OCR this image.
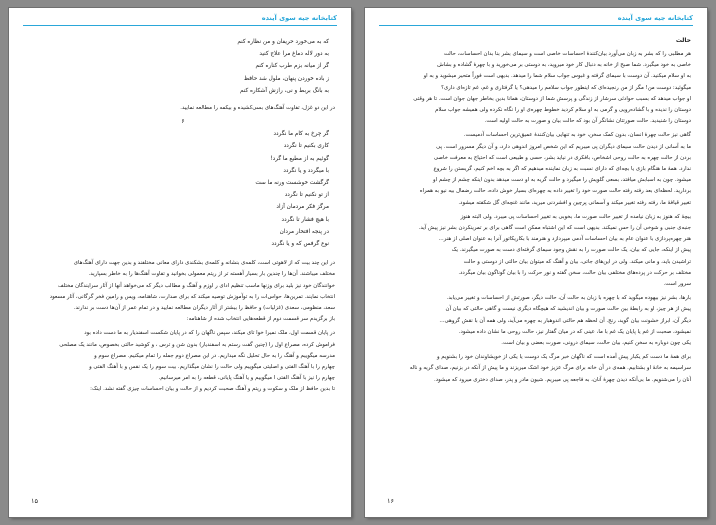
کتابخانه جیه سوی آینده
که به‌ می‌خورد حریفان و من نظاره کنم
به دور لاله دماغ مرا علاج کنید
گر از میانه بزم طرب کناره کنم
ز باده خوردن پنهان، ملول شد حافظ
به بانگ بربط و نی، رازش آشکاره کنم
در این دو غزل، تفاوت آهنگ‌های بسی‌کشیده و بیکمه را مطالعه نمایید.
۶
گر چرخ به کام ما نگردد
کاری بکنیم تا نگردد
گوئیم به از مطیع ما گرد!
با میگردد و یا نگردد
گرگشت خوشست ورنه ما ست
از تو نکنیم تا نگردد
مرگز فکر مردمان آزاد
با هیچ فشار تا نگردد
در پنجه افتخار مردان
نوع گرفس که و یا نگردد
در این چند بیت که از لاهوتی است، کلمه‌ی بنشانه و کلمه‌ی بشکندی دارای معانی مختلفند و بدین جهت دارای آهنگ‌های
مختلف میباشند. آن‌ها را چندین بار بسیار آهسته تر از ریتم معمولی بخوانید و تفاوت آهنگ‌ها را به خاطر بسپارید.
خوانندگان خود نیز بلید برای وزنها ماسب تنظیم ادای ر اوزم و آهنگ و مطالب دیگر که می‌خواهد آنها از آثار سرایندگان مختلف
انتخاب نمایند. تمرین‌ها، حواس‌ات را به ‌توآموزش توصیه میکند که برای صدارت، شاهنامه، ویس و رامین فخر گرگانی، آثار مسعود
سعد، منظومی، سعدی (غزلیات) و حافظ را بیشتر از آثار دیگران مطالعه نمایید و در تمام عمر از آن‌ها دست بر ندارند.
باز برگزیدم سر قسمت دوم از قطعه‌هایی انتخاب شده از شاهنامه:
در پایان قسمت اول، ملک نمیرا خوا تای میکند، سپس ناگهان را که در پایان شکست اسفندیار به ما دست داده بود
فراموش کرده، مصراع اول را (چنین گفت رستم به اسفندیار) بدون شن و ترس ، و کوشید حالتی بخصوص، مانند یک مصلحی
مدرسه میگوییم و آهنگ را به حال تحلیل نگه میداریم. در این مصراع دوم جمله را تمام میکنیم. مصراع سوم و
چهارم را با آهنگ الفتی و اصلیتی میگوییم ولی حالت را نشان میگذاریم. بیت سوم را یک نفس و با آهنگ الفتی و
چهارم را نیز با آهنگ الفتی ا میگوییم و یا آهنگ پایانی، قطعه را به امر میرسانیم.
تا بدین حافظ از ملک و سکوت و ریتم و آهنگ صحبت کردیم و از حالت و بیان احساسات چیزی گفته نشد. اینک:
۱۵
کتابخانه جیه سوی آینده
حالت
هر مطلبی را که بشر به زبان می‌آورد بیان‌کنندهٔ احساسات خاصی است و سیمای بشر بنا بدان احساسات، حالت
خاصی به خود میگیرد. شما صبح از خانه به دنبال کار خود میروید، به دوستی بر می‌خورید و با چهرهٔ گشاده و بشاش
به او سلام میکنید. آن دوست با سیمای گرفته و غبوس جواب سلام شما را میدهد. بدیهی است فوراً متحیر میشوید و به او
میگوئید: دوست من! مگر از من رنجیده‌ای که اینطور جواب سلامم را میدهی؟ یا گرفتاری و غم، غم تازه‌ای داری؟
او جواب میدهد که بسبب حوادثی سرشار از زندگی و پرسش شما از دوستان، همانا بدین بخاطر جهان جوان است. تا هر وقتی
دوستان را ندیده و با گشاده‌رویی و گرمی به او سلام کردید خطوط چهره‌ی او را نگاه نکرده ولی همیشه جواب سلام
دوستان را شنیدید. حالت صورتتان نشانگر آن بود که حالت بیان و صورت به حالت اولیه است.
گاهی نیز حالت چهرهٔ انسان، بدون کمک سخن، خود به تنهایی بیان‌کنندهٔ عمیق‌ترین احساسات آدمیست.
ما به آسانی از دیدن حالت سیمای دیگران پی میبریم که این شخص امروز اندوهی دارد، و آن دیگر مسرور است. پی
بردن از حالت چهره به حالت روحی اشخاص، بافکری در نیاید بشر، حسی و طبیعی است که احتیاج به معرفت خاصی
ندارد. همهٔ ما هنگام بازی یا بچه‌ای که دارای نسبت به زبان نماینده میدهیم که اگر به بچه اخم کنیم، گریستن را شروع
میشود. چون به اسبابش میافتد، بسعی گلویش را میگیرد و حالت گریه به او دست میدهد بدون اینکه چشم از چشم او
بردارید. لحظه‌ای بعد رفته رفته حالت صورت خود را تغییر داده به چهره‌ای بسیار خوش داده، حالت رضمال بیه نیو به همراه
تغییر قیافهٔ ما، رفته رفته تغییر میکند و آسمانی پرچین و افشردنی میرید، مانند غنچه‌ای گل شکفته میشود.
بیچهٔ که هنوز به زبان نیامده از تغییر حالت صورت ما، بخوبی به تغییر احساسات پی میبرد. ولی البته هنوز
جنبه‌ی جنبی و شوخی آن را حس نمیکند. بدیهی است که این اشتباه ممکن است گاهی برای بر تمرینکردن بشر نیز پیش آید.
هنر چهره‌پردازی با عنوان عام به بیان احساسات آدمی میپردازد و هنرمند با بکاریکاتور آنرا به عنوان اصلی از هنر...
پیش از اینکه، جایی که بیان، یک حالت صورت را به نقش وجود سیمای گرفته‌ای دست به صورت میگیرند. یک
تراشیدن باید، و مانی میکند. ولی در این‌های جاتی، بیان و آهنگ که میتوان بیان حالتی از دوستی و حالت
مختلف بر حرکت در پرده‌های مختلفی بیان حالت، سخن گفته و نور حرکت را با بیان گوناگون بیان میگردد.
سرور است.
بارها، بشر نیز بیهوده میگوید که با چهره با زبان به حالت آن، حالت دیگر، صورتش از احساسات و تغییر می‌یابد.
پیش از هر چیز، او به رابطهٔ بین حالت صورت و بیان اندیشید که هیچگاه دیگری نیست و گاهی حالتی که بیان آن
دیگر آن، ابراز خشونت بیان گوید، رنج. آن لحظه هم حالتی اندوهبار به چهره می‌آید، ولی همه آن با نقش گروهی...
نمیشود، صحبت از غم یا پایان یک غم با ما، عینی که در میان گفتار نیز، حالت روحی ما نشان داده میشود.
یکی چون دوباره به سخن کنیم، بیان حالت، سیمای درونی، صورت بعضی و بیان است.
برای همهٔ ما دست کم یکبار پیش آمده است که ناگهان خبر مرگ یک دوست یا یکی از خویشاوندان خود را بشنویم و
سراسیمه به خانهٔ او بشتابیم. همه‌ی در آن خانه برای مرگ عزیز خود اشک میریزند و ما پیش از آنکه در بزنیم، صدای گریه و ناله
آنان را می‌شنویم. ما بی‌آنکه دیدن چهرهٔ آنان، به فاجعه پی میبریم. شیون مادر و پدر، صدای دختری میرود که میشود.
۱۶
